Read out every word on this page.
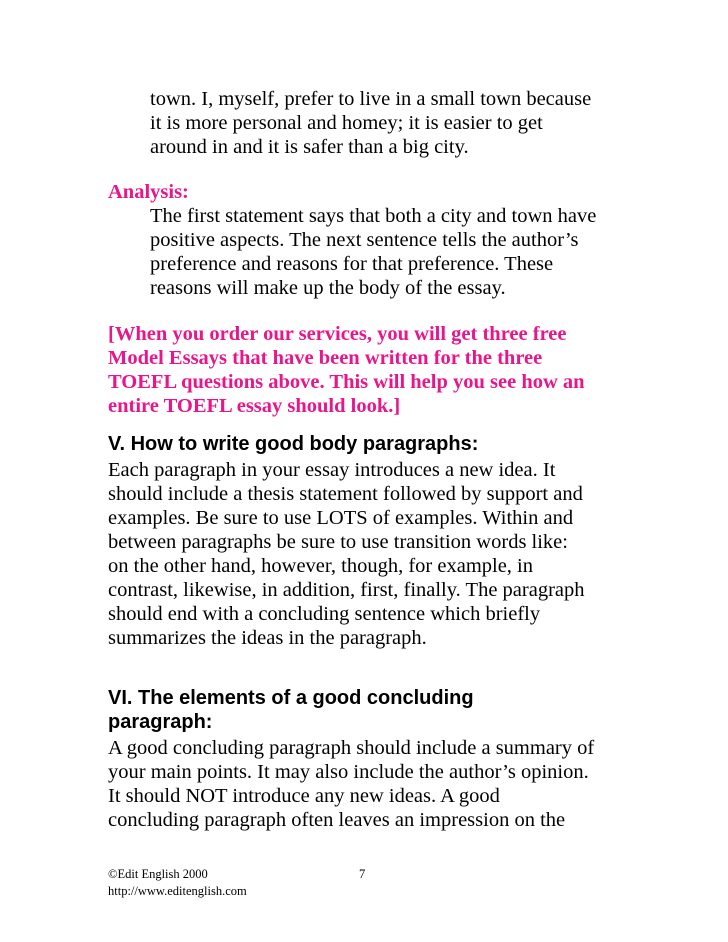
town. I, myself, prefer to live in a small town because
it is more personal and homey; it is easier to get
around in and it is safer than a big city.
Analysis:
The first statement says that both a city and town have
positive aspects. The next sentence tells the author’s
preference and reasons for that preference. These
reasons will make up the body of the essay.
[When you order our services, you will get three free
Model Essays that have been written for the three
TOEFL questions above. This will help you see how an
entire TOEFL essay should look.]
V. How to write good body paragraphs:
Each paragraph in your essay introduces a new idea. It
should include a thesis statement followed by support and
examples. Be sure to use LOTS of examples. Within and
between paragraphs be sure to use transition words like:
on the other hand, however, though, for example, in
contrast, likewise, in addition, first, finally. The paragraph
should end with a concluding sentence which briefly
summarizes the ideas in the paragraph.
VI. The elements of a good concluding
paragraph:
A good concluding paragraph should include a summary of
your main points. It may also include the author’s opinion.
It should NOT introduce any new ideas. A good
concluding paragraph often leaves an impression on the
©Edit English 2000	7
http://www.editenglish.com
